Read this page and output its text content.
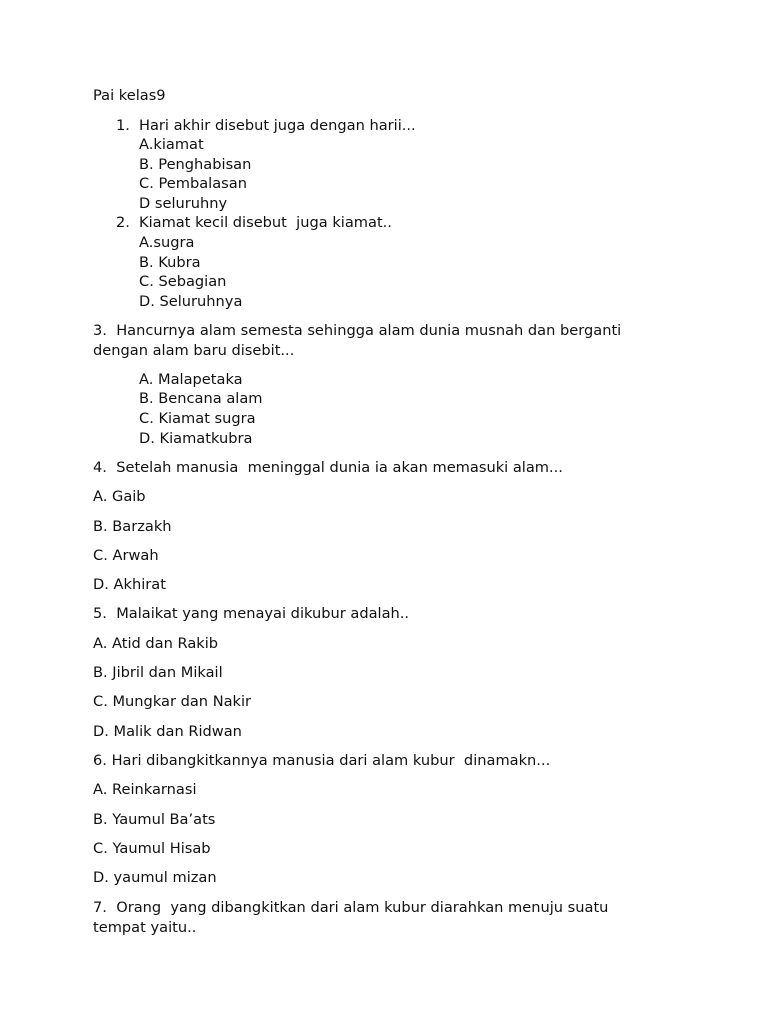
Pai kelas9
1. Hari akhir disebut juga dengan harii...
A.kiamat
B. Penghabisan
C. Pembalasan
D seluruhny
2. Kiamat kecil disebut  juga kiamat..
A.sugra
B. Kubra
C. Sebagian
D. Seluruhnya
3.  Hancurnya alam semesta sehingga alam dunia musnah dan berganti
dengan alam baru disebit...
A. Malapetaka
B. Bencana alam
C. Kiamat sugra
D. Kiamatkubra
4.  Setelah manusia  meninggal dunia ia akan memasuki alam...
A. Gaib
B. Barzakh
C. Arwah
D. Akhirat
5.  Malaikat yang menayai dikubur adalah..
A. Atid dan Rakib
B. Jibril dan Mikail
C. Mungkar dan Nakir
D. Malik dan Ridwan
6. Hari dibangkitkannya manusia dari alam kubur  dinamakn...
A. Reinkarnasi
B. Yaumul Ba’ats
C. Yaumul Hisab
D. yaumul mizan
7.  Orang  yang dibangkitkan dari alam kubur diarahkan menuju suatu
tempat yaitu..
